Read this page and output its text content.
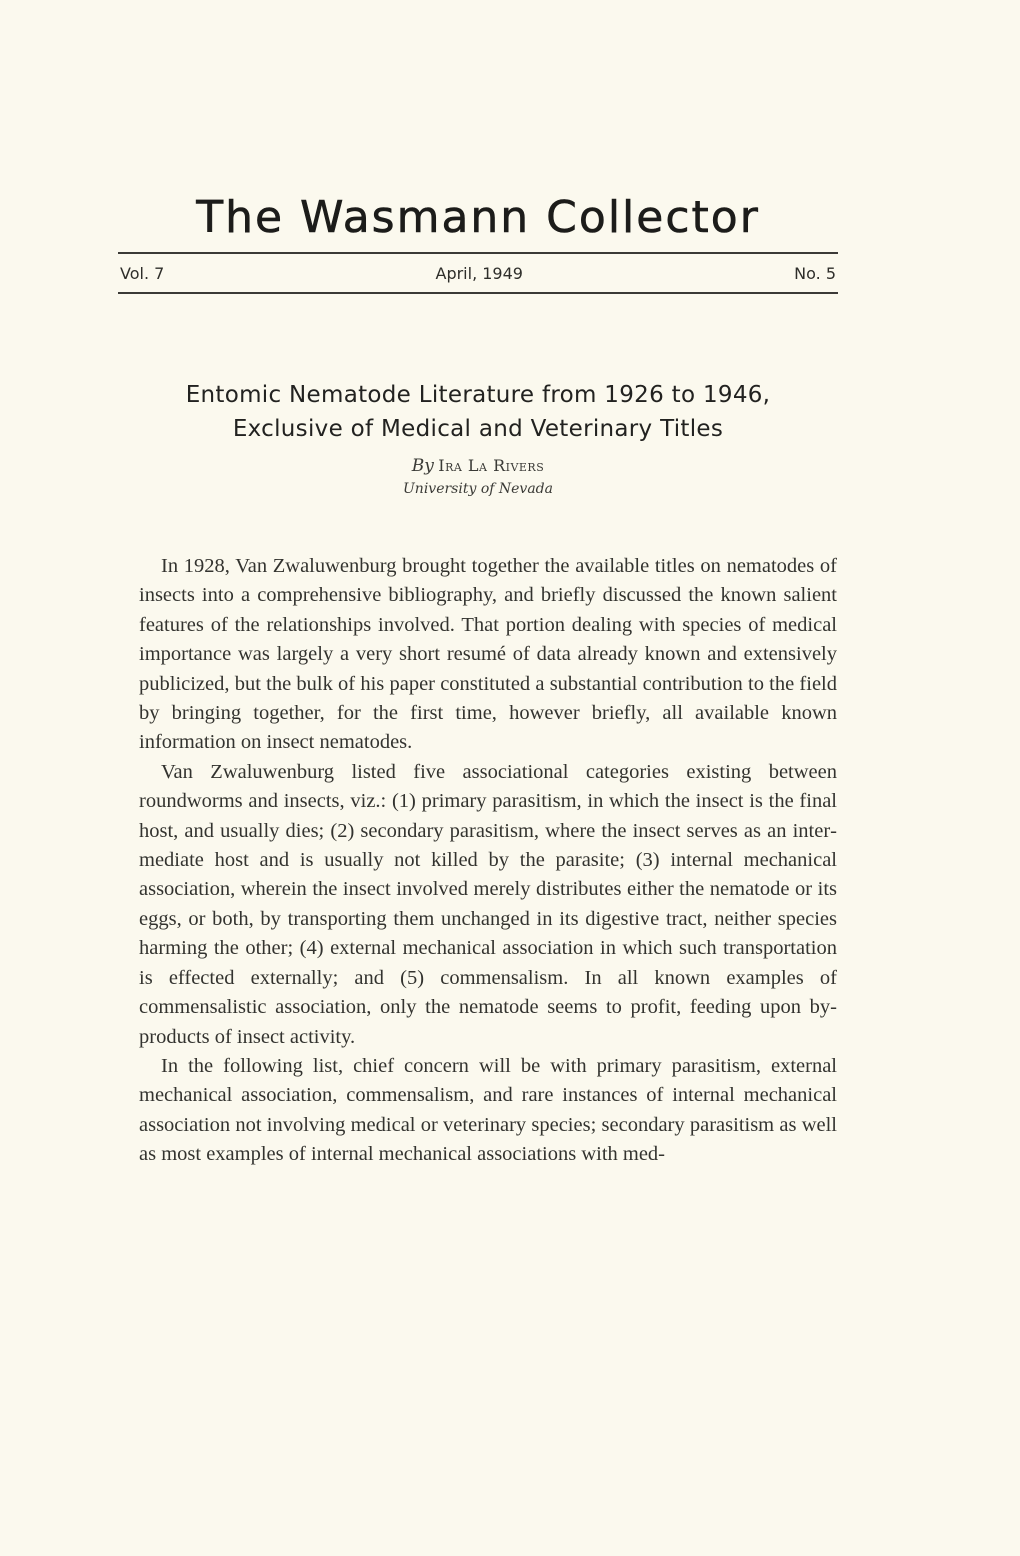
The Wasmann Collector
Vol. 7	April, 1949	No. 5
Entomic Nematode Literature from 1926 to 1946,
Exclusive of Medical and Veterinary Titles
By Ira La Rivers
University of Nevada

In 1928, Van Zwaluwenburg brought together the available titles on nematodes of insects into a comprehensive bibliography, and briefly discussed the known salient features of the relationships involved. That portion dealing with species of medical importance was largely a very short resumé of data already known and extensively publicized, but the bulk of his paper constituted a substantial contribution to the field by bringing together, for the first time, however briefly, all available known information on insect nematodes.

Van Zwaluwenburg listed five associational categories existing between roundworms and insects, viz.: (1) primary parasitism, in which the insect is the final host, and usually dies; (2) secondary parasitism, where the insect serves as an intermediate host and is usually not killed by the parasite; (3) internal mechanical association, wherein the insect involved merely distributes either the nematode or its eggs, or both, by transporting them unchanged in its digestive tract, neither species harming the other; (4) external mechanical association in which such transportation is effected externally; and (5) commensalism. In all known examples of commensalistic association, only the nematode seems to profit, feeding upon by-products of insect activity.

In the following list, chief concern will be with primary parasitism, external mechanical association, commensalism, and rare instances of internal mechanical association not involving medical or veterinary species; secondary parasitism as well as most examples of internal mechanical associations with med-
